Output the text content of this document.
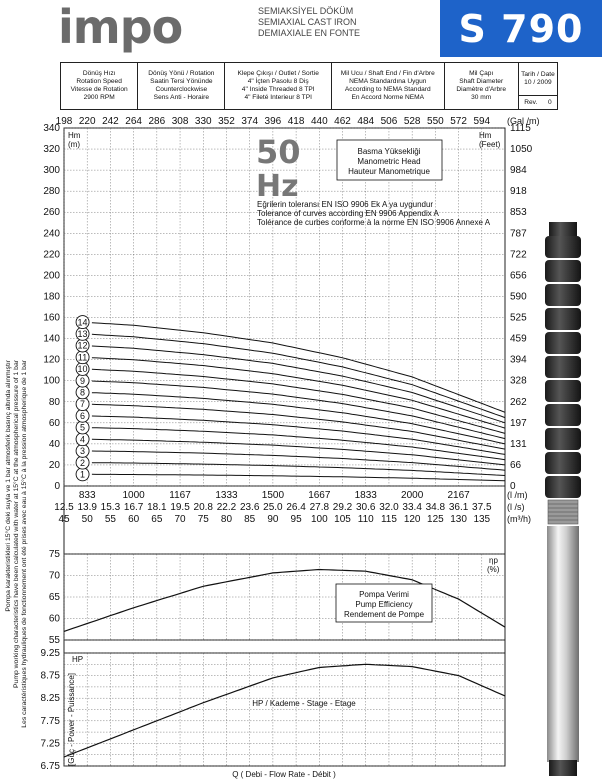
impo	SEMIAKSİYEL DÖKÜM
SEMIAXIAL CAST IRON
DEMIAXIALE EN FONTE	S 790
Dönüş Hızı
Rotation Speed
Vitesse de Rotation
2900 RPM
Dönüş Yönü / Rotation
Saatin Tersi Yönünde
Counterclockwise
Sens Anti - Horaire
Klepe Çıkışı / Outlet / Sortie
4" İçten Pasolu 8 Diş
4" Inside Threaded 8 TPI
4" Fileté Interieur 8 TPI
Mil Ucu / Shaft End / Fin d'Arbre
NEMA Standardına Uygun
According to NEMA Standard
En Accord Norme NEMA
Mil Çapı
Shaft Diameter
Diamètre d'Arbre
30 mm
Tarih / Date
10 / 2009
Rev. 0
0	0
20	66
40	131
60	197
80	262
100	328
120	394
140	459
160	525
180	590
200	656
220	722
240	787
260	853
280	918
300	984
320	1050
340	1115
Hm
(m)
Hm
(Feet)
198 220 242 264 286 308 330 352 374 396 418 440 462 484 506 528 550 572 594 (Gal /m)
1
2
3
4
5
6
7
8
9
10
11
12
13
14
50
Hz
Basma Yüksekliği
Manometric Head
Hauteur Manometrique
Eğrilerin toleransı EN ISO 9906 Ek A ya uygundur
Tolerance of curves according EN 9906 Appendix A
Tolérance de curbes conforme à la norme EN ISO 9906 Annexe A
833	1000 1167 1333 1500 1667 1833 2000 2167	(l /m)
12.5 13.9 15.3 16.7 18.1 19.5 20.8 22.2 23.6 25.0 26.4 27.8 29.2 30.6 32.0 33.4 34.8 36.1 37.5 (l /s)
45 50 55 60 65 70 75 80 85 90 95 100 105 110 115 120 125 130 135 (m³/h)
55
60
65
70
75
ηp
(%)
Pompa Verimi
Pump Efficiency
Rendement de Pompe
6.75
7.25
7.75
8.25
8.75
9.25
HP
[Güç - Power - Puissance]	HP / Kademe - Stage - Etage
Q ( Debi - Flow Rate - Débit )
Pompa karakteristikleri 15°C deki suyla ve 1 bar atmosferik basınç altında alınmıştır Pump working characteristics have been calculated with water at 15°C at the atmospherical pressure of 1 bar Les caractéristiques hydrauliques de fonctionnement ont été prises avec eau à 15°C à la pression atmospherique de 1 bar
